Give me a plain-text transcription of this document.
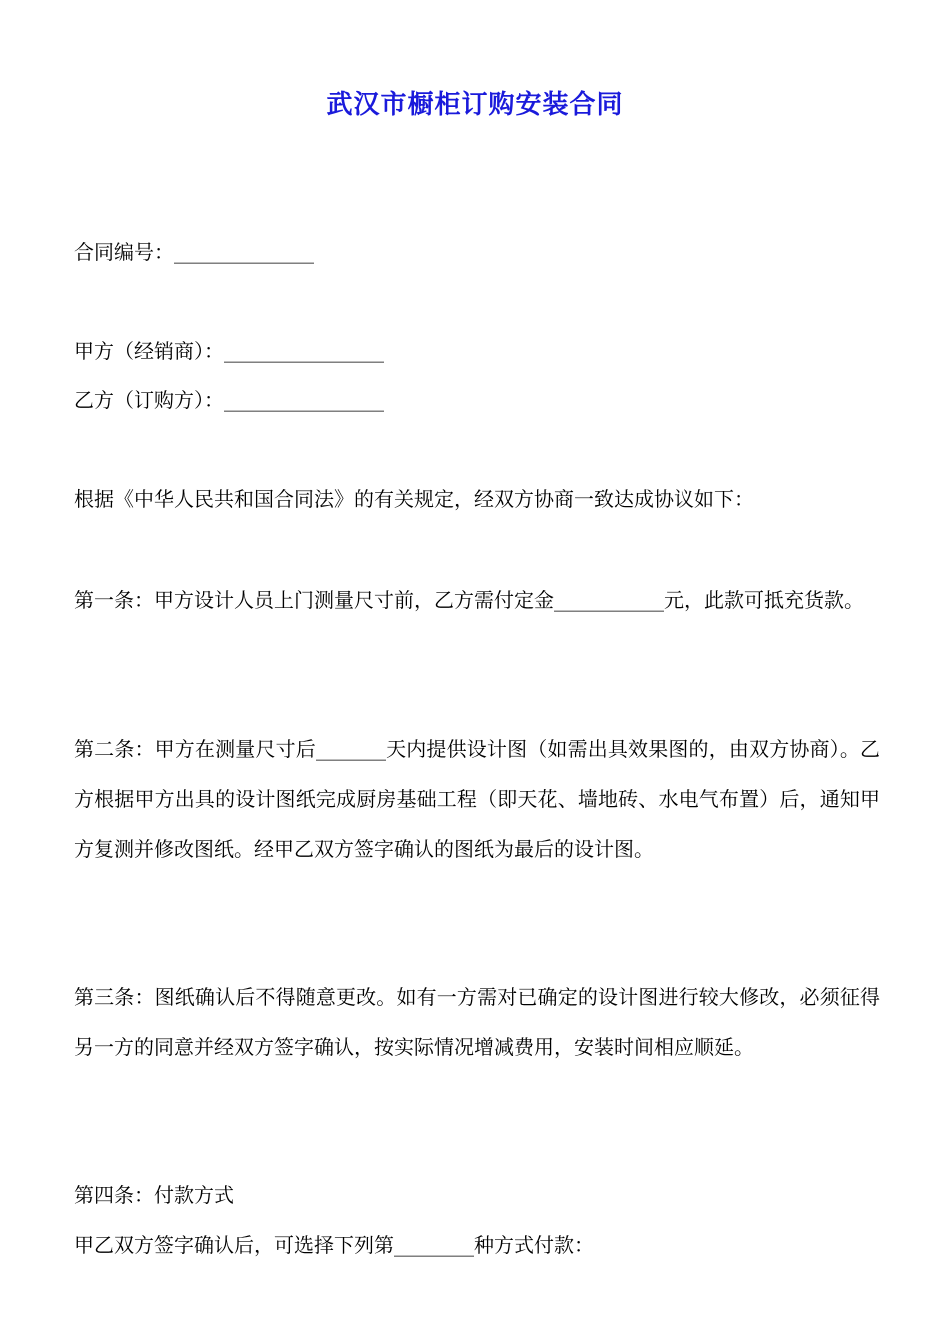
武汉市橱柜订购安装合同
合同编号：______________
甲方（经销商）：________________
乙方（订购方）：________________
根据《中华人民共和国合同法》的有关规定，经双方协商一致达成协议如下：
第一条：甲方设计人员上门测量尺寸前，乙方需付定金___________元，此款可抵充货款。
第二条：甲方在测量尺寸后_______天内提供设计图（如需出具效果图的，由双方协商）。乙方根据甲方出具的设计图纸完成厨房基础工程（即天花、墙地砖、水电气布置）后，通知甲方复测并修改图纸。经甲乙双方签字确认的图纸为最后的设计图。
第三条：图纸确认后不得随意更改。如有一方需对已确定的设计图进行较大修改，必须征得另一方的同意并经双方签字确认，按实际情况增减费用，安装时间相应顺延。
第四条：付款方式
甲乙双方签字确认后，可选择下列第________种方式付款：
